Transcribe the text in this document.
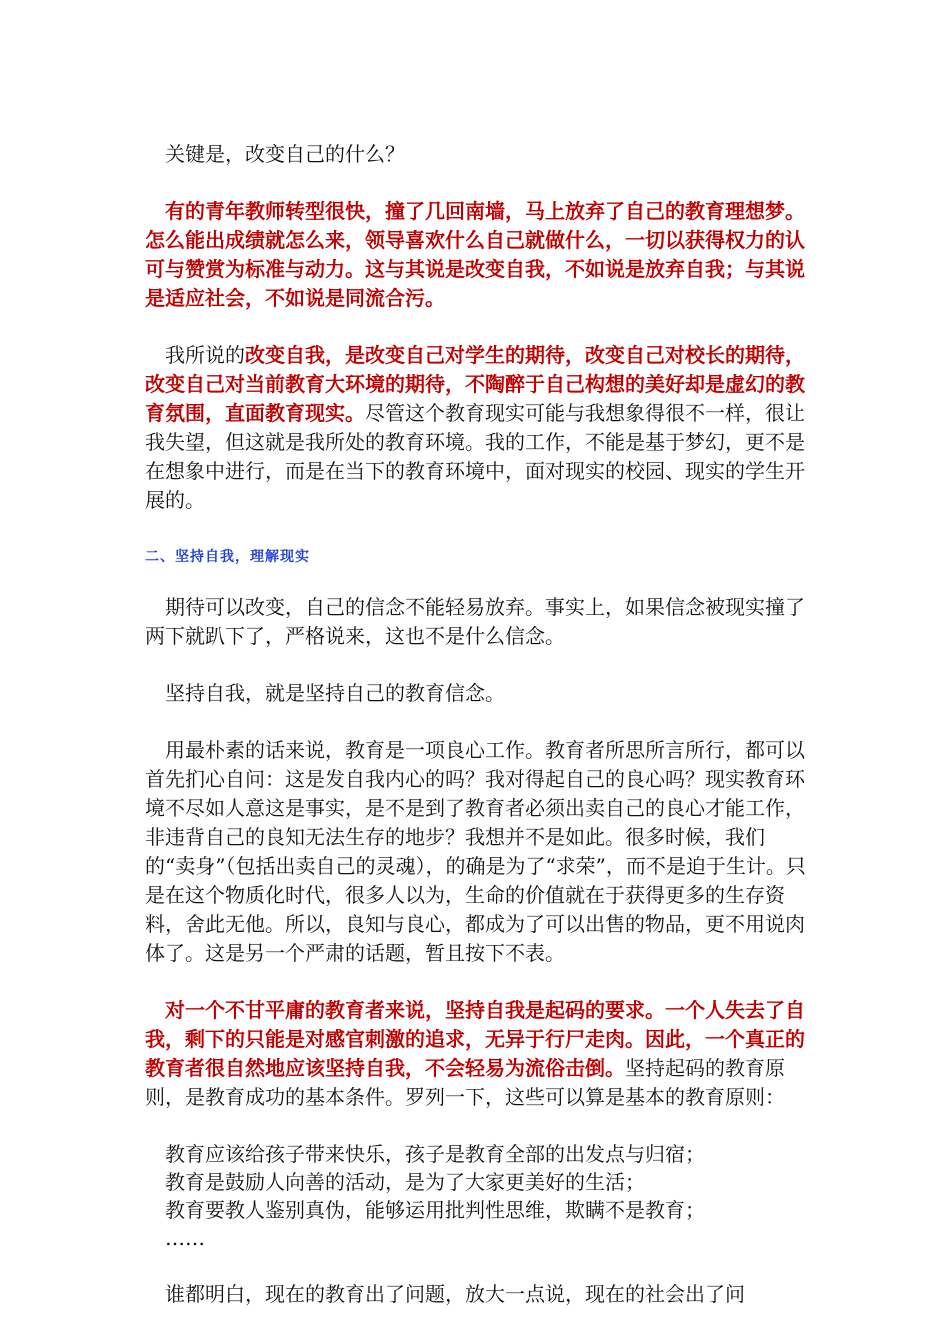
关键是，改变自己的什么？

有的青年教师转型很快，撞了几回南墙，马上放弃了自己的教育理想梦。怎么能出成绩就怎么来，领导喜欢什么自己就做什么，一切以获得权力的认可与赞赏为标准与动力。这与其说是改变自我，不如说是放弃自我；与其说是适应社会，不如说是同流合污。

我所说的改变自我，是改变自己对学生的期待，改变自己对校长的期待，改变自己对当前教育大环境的期待，不陶醉于自己构想的美好却是虚幻的教育氛围，直面教育现实。尽管这个教育现实可能与我想象得很不一样，很让我失望，但这就是我所处的教育环境。我的工作，不能是基于梦幻，更不是在想象中进行，而是在当下的教育环境中，面对现实的校园、现实的学生开展的。

二、坚持自我，理解现实

期待可以改变，自己的信念不能轻易放弃。事实上，如果信念被现实撞了两下就趴下了，严格说来，这也不是什么信念。

坚持自我，就是坚持自己的教育信念。

用最朴素的话来说，教育是一项良心工作。教育者所思所言所行，都可以首先扪心自问：这是发自我内心的吗？我对得起自己的良心吗？现实教育环境不尽如人意这是事实，是不是到了教育者必须出卖自己的良心才能工作，非违背自己的良知无法生存的地步？我想并不是如此。很多时候，我们的“卖身”（包括出卖自己的灵魂），的确是为了“求荣”，而不是迫于生计。只是在这个物质化时代，很多人以为，生命的价值就在于获得更多的生存资料，舍此无他。所以，良知与良心，都成为了可以出售的物品，更不用说肉体了。这是另一个严肃的话题，暂且按下不表。

对一个不甘平庸的教育者来说，坚持自我是起码的要求。一个人失去了自我，剩下的只能是对感官刺激的追求，无异于行尸走肉。因此，一个真正的教育者很自然地应该坚持自我，不会轻易为流俗击倒。坚持起码的教育原则，是教育成功的基本条件。罗列一下，这些可以算是基本的教育原则：

教育应该给孩子带来快乐，孩子是教育全部的出发点与归宿；
教育是鼓励人向善的活动，是为了大家更美好的生活；
教育要教人鉴别真伪，能够运用批判性思维，欺瞒不是教育；
……

谁都明白，现在的教育出了问题，放大一点说，现在的社会出了问
